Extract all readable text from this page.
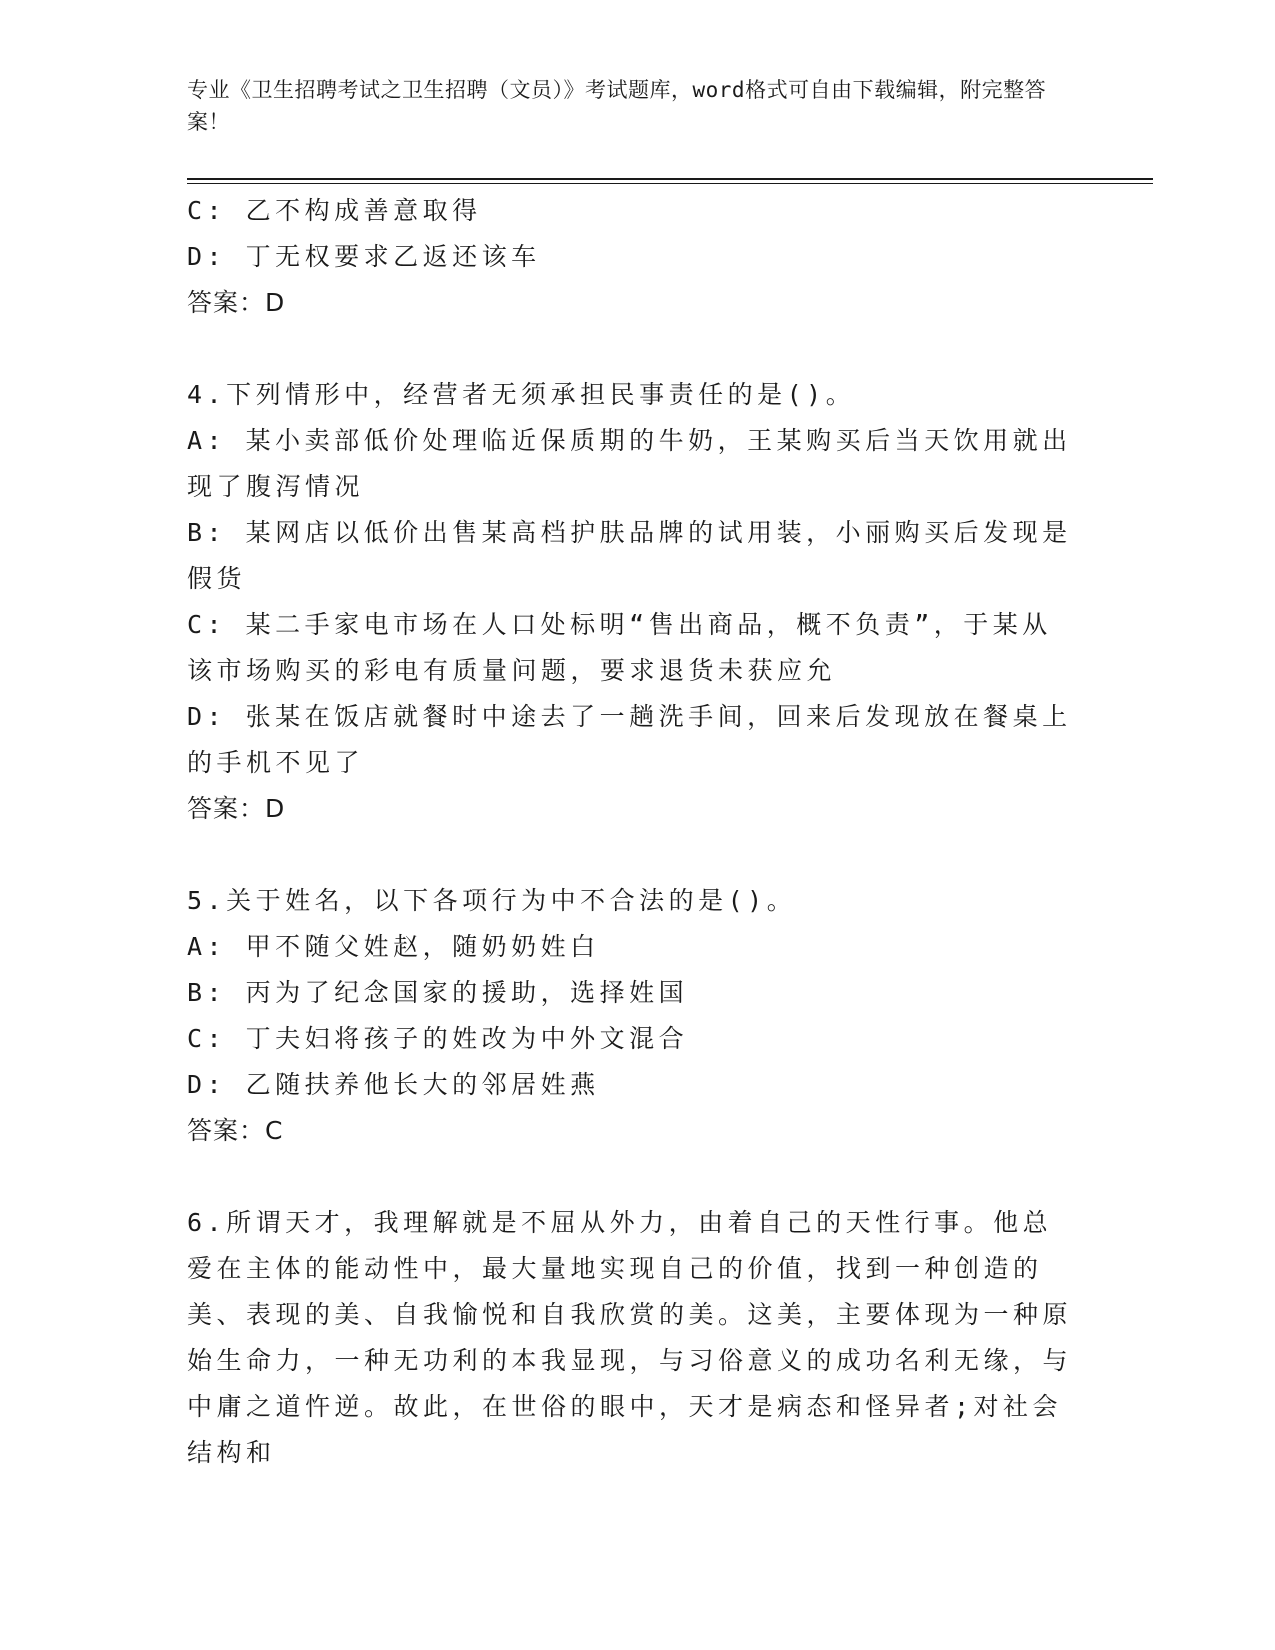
专业《卫生招聘考试之卫生招聘（文员）》考试题库，word格式可自由下载编辑，附完整答案！

C: 乙不构成善意取得

D: 丁无权要求乙返还该车

答案：D

4.下列情形中，经营者无须承担民事责任的是()。

A: 某小卖部低价处理临近保质期的牛奶，王某购买后当天饮用就出现了腹泻情况

B: 某网店以低价出售某高档护肤品牌的试用装，小丽购买后发现是假货

C: 某二手家电市场在人口处标明“售出商品，概不负责”，于某从该市场购买的彩电有质量问题，要求退货未获应允

D: 张某在饭店就餐时中途去了一趟洗手间，回来后发现放在餐桌上的手机不见了

答案：D

5.关于姓名，以下各项行为中不合法的是()。

A: 甲不随父姓赵，随奶奶姓白

B: 丙为了纪念国家的援助，选择姓国

C: 丁夫妇将孩子的姓改为中外文混合

D: 乙随扶养他长大的邻居姓燕

答案：C

6.所谓天才，我理解就是不屈从外力，由着自己的天性行事。他总爱在主体的能动性中，最大量地实现自己的价值，找到一种创造的美、表现的美、自我愉悦和自我欣赏的美。这美，主要体现为一种原始生命力，一种无功利的本我显现，与习俗意义的成功名利无缘，与中庸之道忤逆。故此，在世俗的眼中，天才是病态和怪异者;对社会结构和
